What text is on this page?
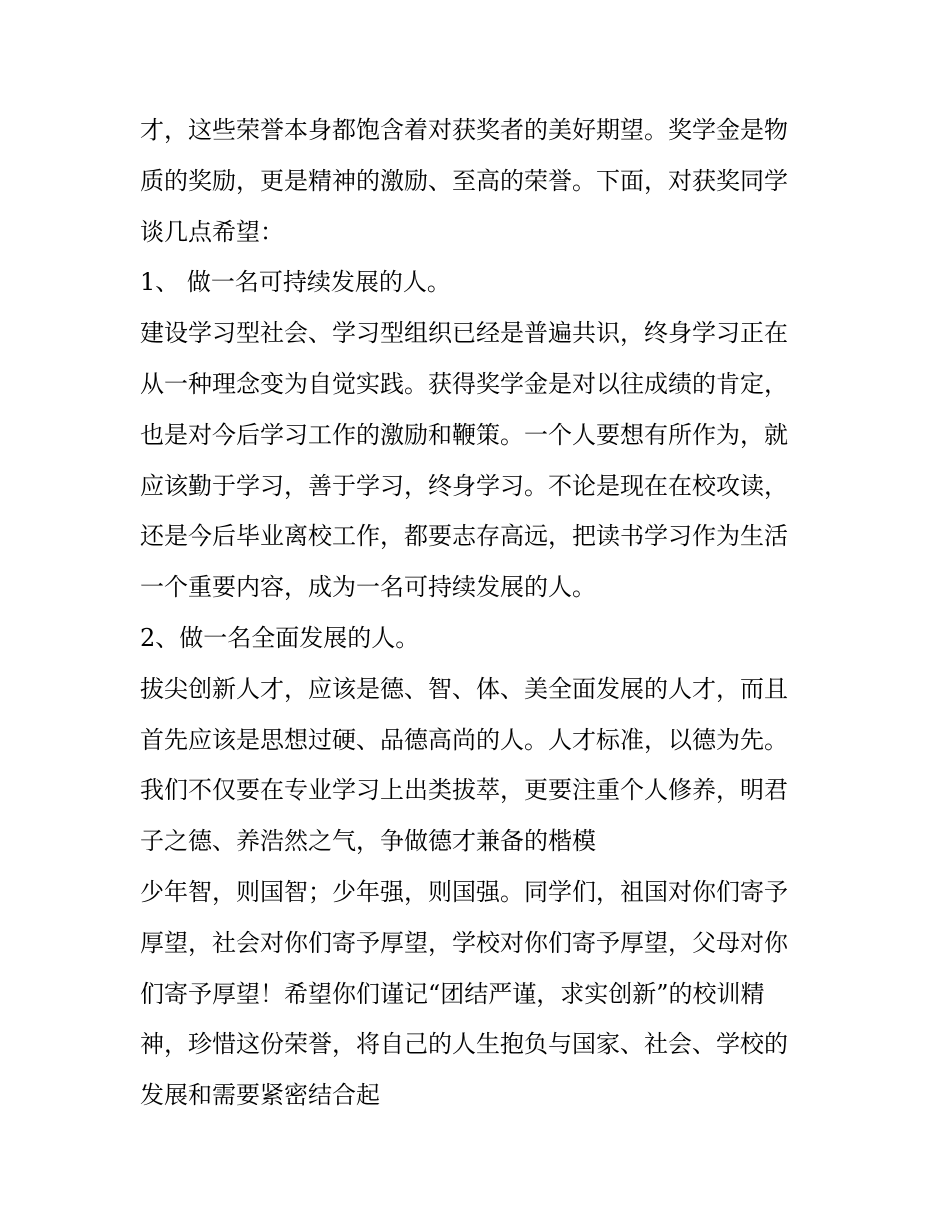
才，这些荣誉本身都饱含着对获奖者的美好期望。奖学金是物

质的奖励，更是精神的激励、至高的荣誉。下面，对获奖同学

谈几点希望：

1、 做一名可持续发展的人。

建设学习型社会、学习型组织已经是普遍共识，终身学习正在

从一种理念变为自觉实践。获得奖学金是对以往成绩的肯定，

也是对今后学习工作的激励和鞭策。一个人要想有所作为，就

应该勤于学习，善于学习，终身学习。不论是现在在校攻读，

还是今后毕业离校工作，都要志存高远，把读书学习作为生活

一个重要内容，成为一名可持续发展的人。

2、做一名全面发展的人。

拔尖创新人才，应该是德、智、体、美全面发展的人才，而且

首先应该是思想过硬、品德高尚的人。人才标准，以德为先。

我们不仅要在专业学习上出类拔萃，更要注重个人修养，明君

子之德、养浩然之气，争做德才兼备的楷模

少年智，则国智；少年强，则国强。同学们，祖国对你们寄予

厚望，社会对你们寄予厚望，学校对你们寄予厚望，父母对你

们寄予厚望！希望你们谨记“团结严谨，求实创新”的校训精

神，珍惜这份荣誉，将自己的人生抱负与国家、社会、学校的

发展和需要紧密结合起
